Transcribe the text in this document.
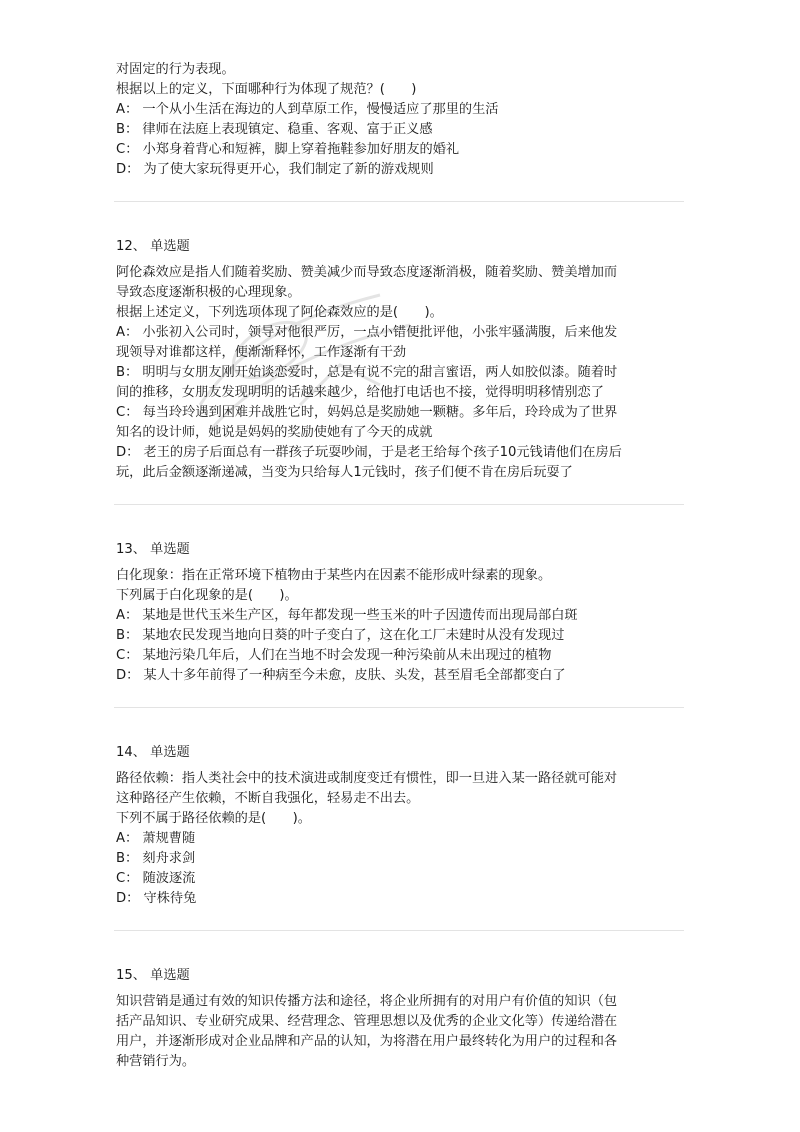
对固定的行为表现。

根据以上的定义，下面哪种行为体现了规范？(　　)

A： 一个从小生活在海边的人到草原工作，慢慢适应了那里的生活

B： 律师在法庭上表现镇定、稳重、客观、富于正义感

C： 小郑身着背心和短裤，脚上穿着拖鞋参加好朋友的婚礼

D： 为了使大家玩得更开心，我们制定了新的游戏规则

12、 单选题

阿伦森效应是指人们随着奖励、赞美减少而导致态度逐渐消极，随着奖励、赞美增加而

导致态度逐渐积极的心理现象。

根据上述定义，下列选项体现了阿伦森效应的是(　　)。

A： 小张初入公司时，领导对他很严厉，一点小错便批评他，小张牢骚满腹，后来他发

现领导对谁都这样，便渐渐释怀，工作逐渐有干劲

B： 明明与女朋友刚开始谈恋爱时，总是有说不完的甜言蜜语，两人如胶似漆。随着时

间的推移，女朋友发现明明的话越来越少，给他打电话也不接，觉得明明移情别恋了

C： 每当玲玲遇到困难并战胜它时，妈妈总是奖励她一颗糖。多年后，玲玲成为了世界

知名的设计师，她说是妈妈的奖励使她有了今天的成就

D： 老王的房子后面总有一群孩子玩耍吵闹，于是老王给每个孩子10元钱请他们在房后

玩，此后金额逐渐递减，当变为只给每人1元钱时，孩子们便不肯在房后玩耍了

13、 单选题

白化现象：指在正常环境下植物由于某些内在因素不能形成叶绿素的现象。

下列属于白化现象的是(　　)。

A： 某地是世代玉米生产区，每年都发现一些玉米的叶子因遗传而出现局部白斑

B： 某地农民发现当地向日葵的叶子变白了，这在化工厂未建时从没有发现过

C： 某地污染几年后，人们在当地不时会发现一种污染前从未出现过的植物

D： 某人十多年前得了一种病至今未愈，皮肤、头发，甚至眉毛全部都变白了

14、 单选题

路径依赖：指人类社会中的技术演进或制度变迁有惯性，即一旦进入某一路径就可能对

这种路径产生依赖，不断自我强化，轻易走不出去。

下列不属于路径依赖的是(　　)。

A： 萧规曹随

B： 刻舟求剑

C： 随波逐流

D： 守株待兔

15、 单选题

知识营销是通过有效的知识传播方法和途径，将企业所拥有的对用户有价值的知识（包

括产品知识、专业研究成果、经营理念、管理思想以及优秀的企业文化等）传递给潜在

用户，并逐渐形成对企业品牌和产品的认知，为将潜在用户最终转化为用户的过程和各

种营销行为。
